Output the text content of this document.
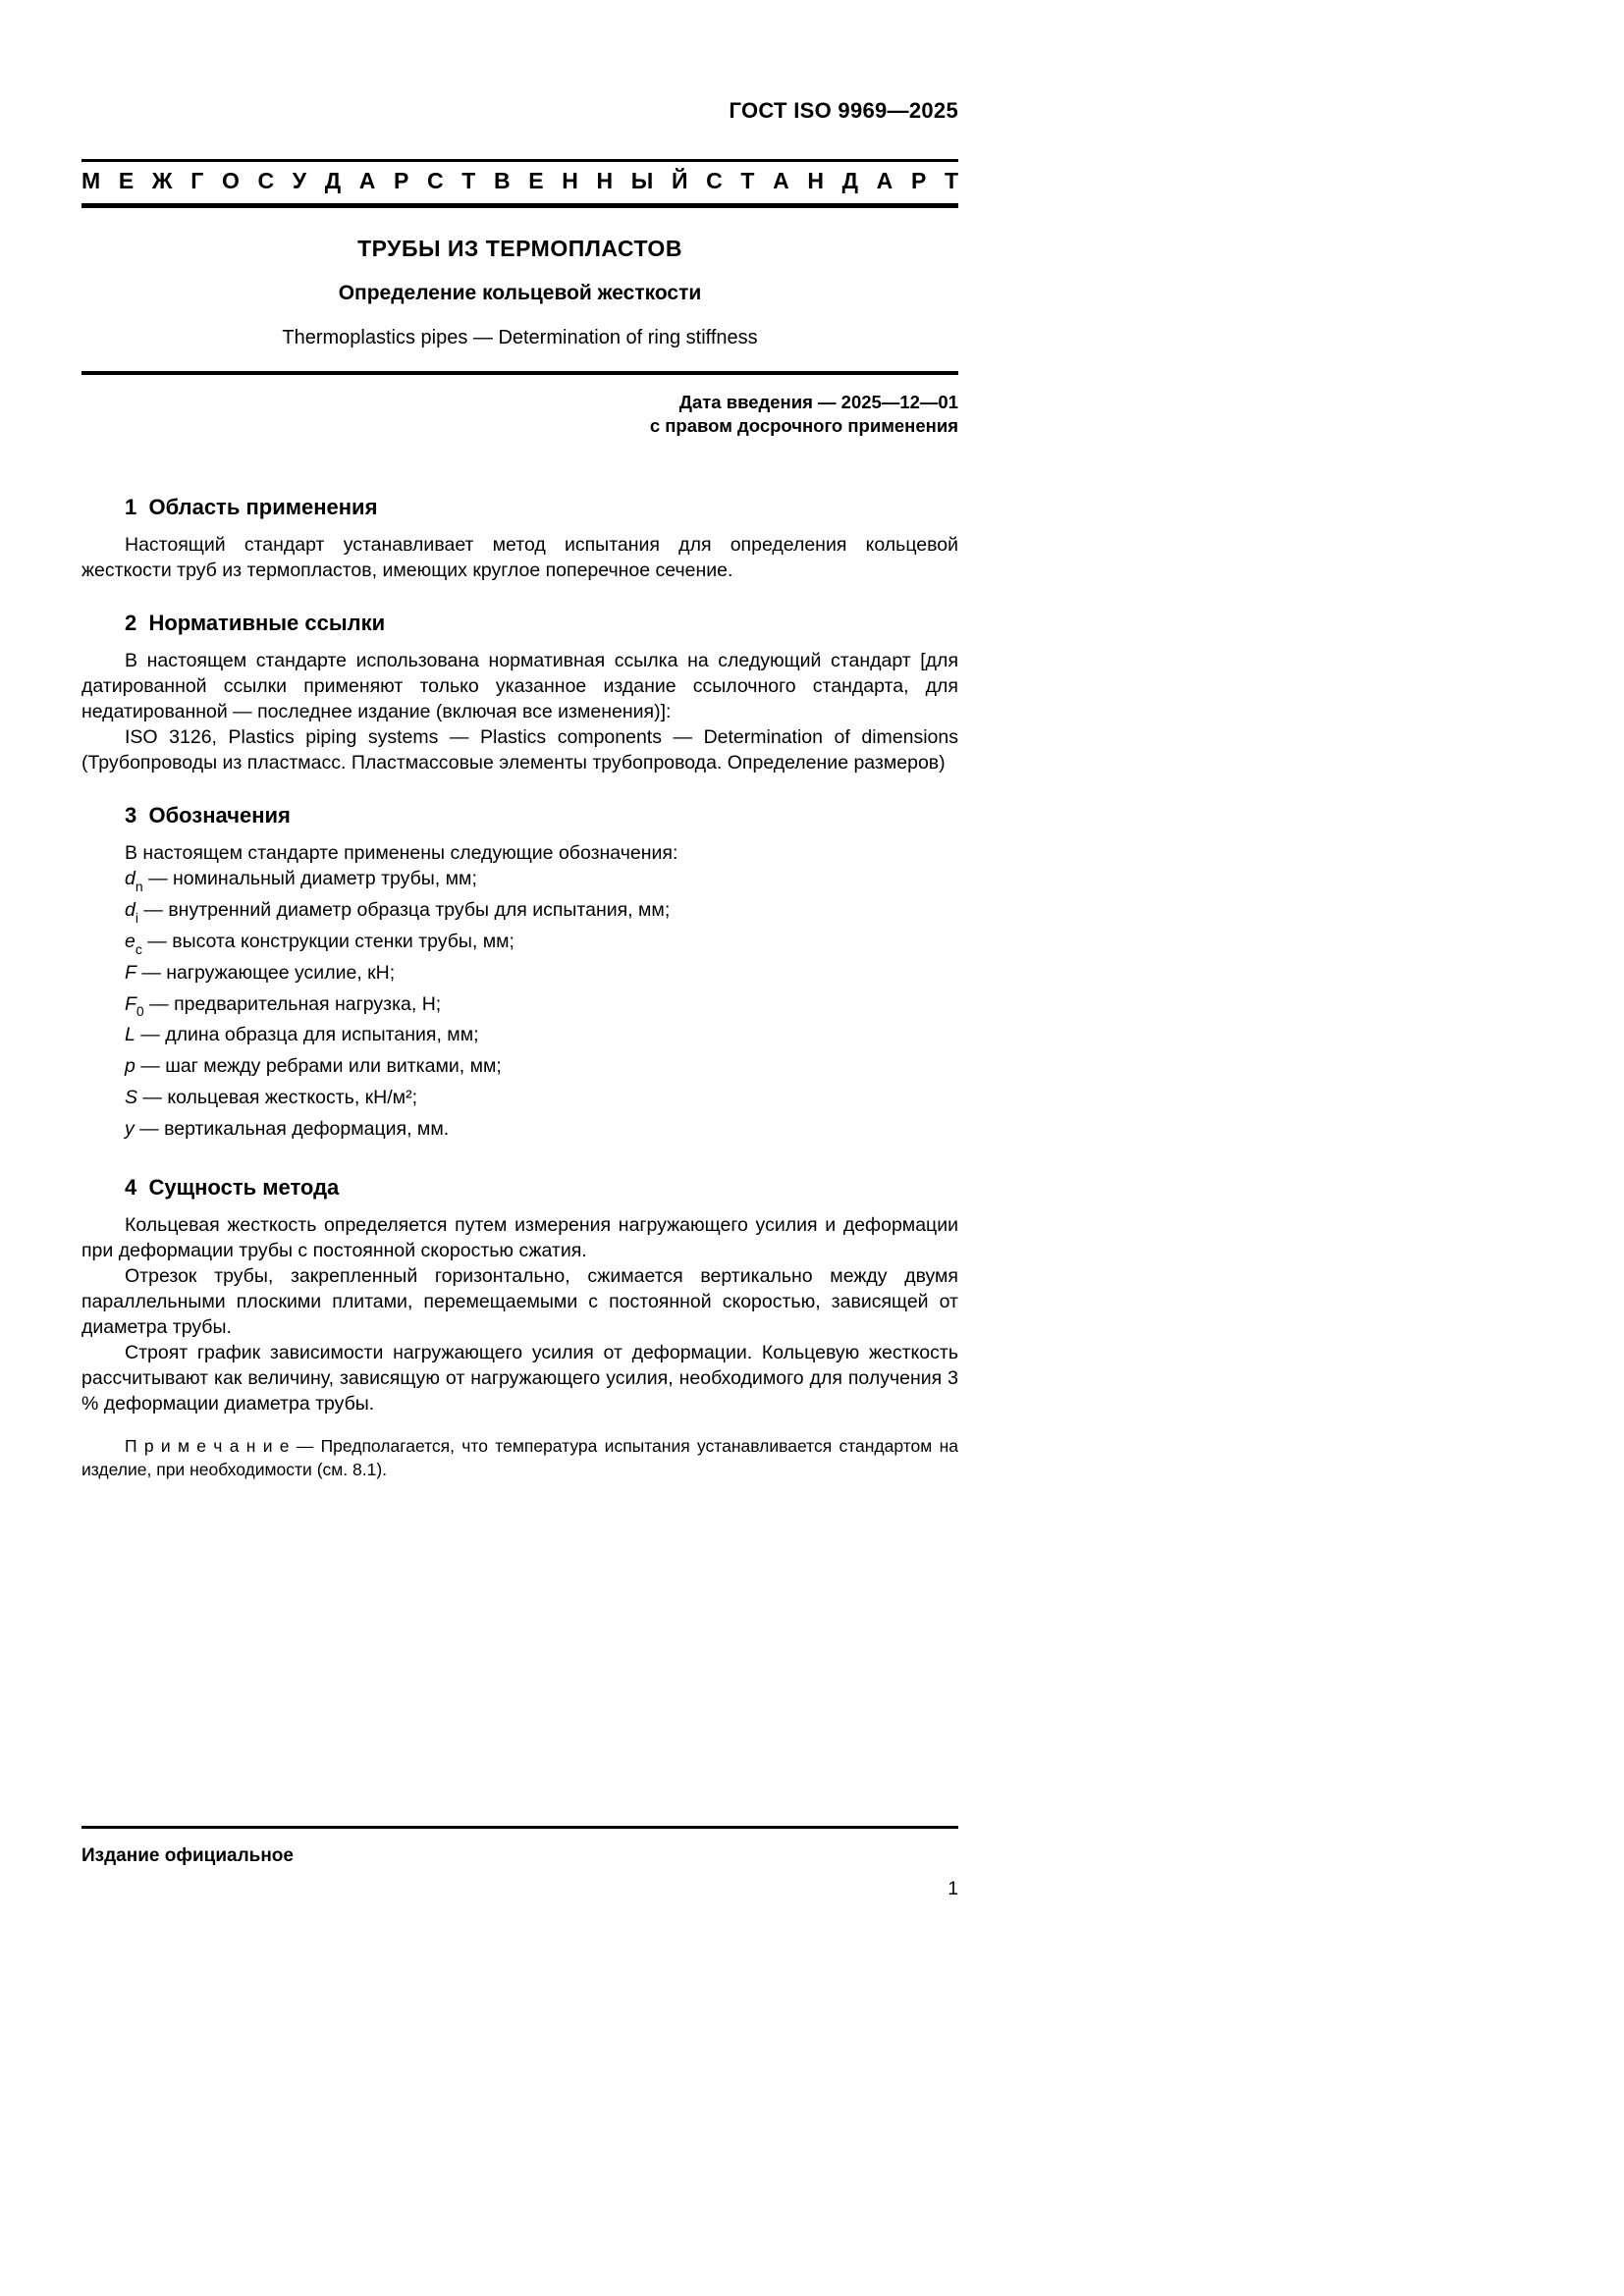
ГОСТ ISO 9969—2025
М Е Ж Г О С У Д А Р С Т В Е Н Н Ы Й С Т А Н Д А Р Т
ТРУБЫ ИЗ ТЕРМОПЛАСТОВ
Определение кольцевой жесткости
Thermoplastics pipes — Determination of ring stiffness
Дата введения — 2025—12—01
с правом досрочного применения
1  Область применения

Настоящий стандарт устанавливает метод испытания для определения кольцевой жесткости труб из термопластов, имеющих круглое поперечное сечение.

2  Нормативные ссылки

В настоящем стандарте использована нормативная ссылка на следующий стандарт [для датированной ссылки применяют только указанное издание ссылочного стандарта, для недатированной — последнее издание (включая все изменения)]:

ISO 3126, Plastics piping systems — Plastics components — Determination of dimensions (Трубопроводы из пластмасс. Пластмассовые элементы трубопровода. Определение размеров)

3  Обозначения

В настоящем стандарте применены следующие обозначения:

$d_n$ — номинальный диаметр трубы, мм;

$d_i$ — внутренний диаметр образца трубы для испытания, мм;

$e_c$ — высота конструкции стенки трубы, мм;

F — нагружающее усилие, кН;

$F_0$ — предварительная нагрузка, Н;

L — длина образца для испытания, мм;

p — шаг между ребрами или витками, мм;

S — кольцевая жесткость, кН/м²;

y — вертикальная деформация, мм.

4  Сущность метода

Кольцевая жесткость определяется путем измерения нагружающего усилия и деформации при деформации трубы с постоянной скоростью сжатия.

Отрезок трубы, закрепленный горизонтально, сжимается вертикально между двумя параллельными плоскими плитами, перемещаемыми с постоянной скоростью, зависящей от диаметра трубы.

Строят график зависимости нагружающего усилия от деформации. Кольцевую жесткость рассчитывают как величину, зависящую от нагружающего усилия, необходимого для получения 3 % деформации диаметра трубы.

П р и м е ч а н и е — Предполагается, что температура испытания устанавливается стандартом на изделие, при необходимости (см. 8.1).

Издание официальное
1
